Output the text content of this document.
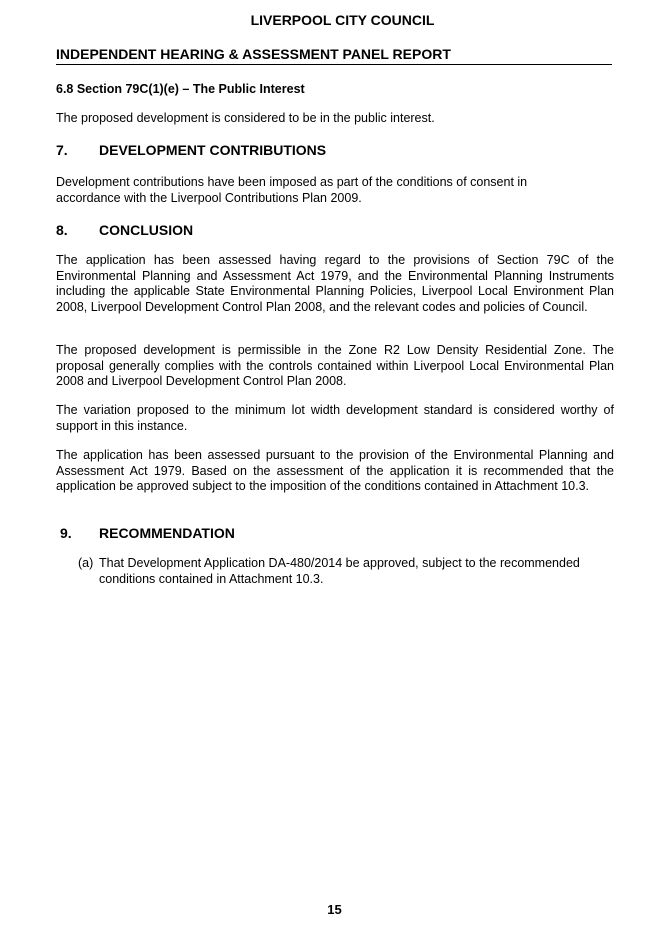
LIVERPOOL CITY COUNCIL
INDEPENDENT HEARING & ASSESSMENT PANEL REPORT
6.8 Section 79C(1)(e) – The Public Interest
The proposed development is considered to be in the public interest.
7. DEVELOPMENT CONTRIBUTIONS
Development contributions have been imposed as part of the conditions of consent in accordance with the Liverpool Contributions Plan 2009.
8. CONCLUSION
The application has been assessed having regard to the provisions of Section 79C of the Environmental Planning and Assessment Act 1979, and the Environmental Planning Instruments including the applicable State Environmental Planning Policies, Liverpool Local Environment Plan 2008, Liverpool Development Control Plan 2008, and the relevant codes and policies of Council.
The proposed development is permissible in the Zone R2 Low Density Residential Zone. The proposal generally complies with the controls contained within Liverpool Local Environmental Plan 2008 and Liverpool Development Control Plan 2008.
The variation proposed to the minimum lot width development standard is considered worthy of support in this instance.
The application has been assessed pursuant to the provision of the Environmental Planning and Assessment Act 1979. Based on the assessment of the application it is recommended that the application be approved subject to the imposition of the conditions contained in Attachment 10.3.
9. RECOMMENDATION
(a) That Development Application DA-480/2014 be approved, subject to the recommended conditions contained in Attachment 10.3.
15
